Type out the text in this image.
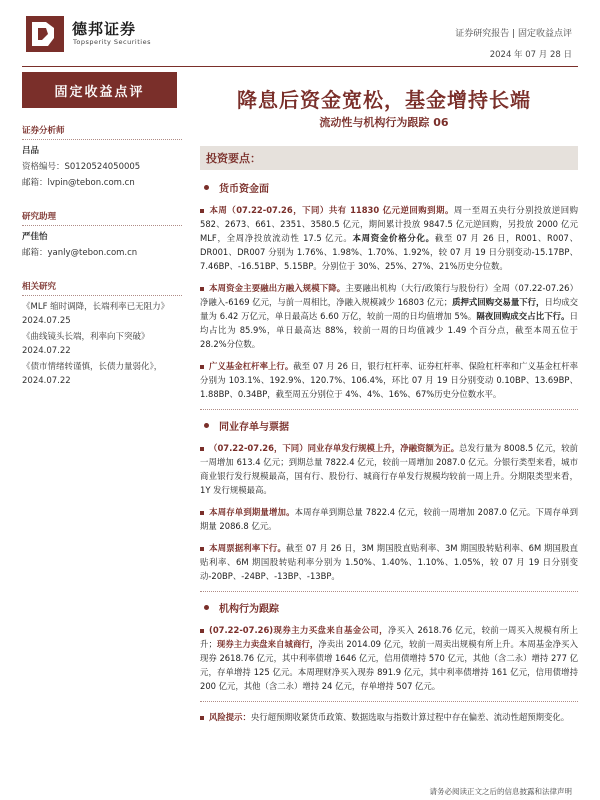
德邦证券
Topsperity Securities
证券研究报告 | 固定收益点评
2024 年 07 月 28 日
固定收益点评	降息后资金宽松，基金增持长端
流动性与机构行为跟踪 06
证券分析师

吕品

资格编号：S0120524050005

邮箱：lvpin@tebon.com.cn

研究助理

严佳怡

邮箱：yanly@tebon.com.cn

相关研究

《MLF 缩时调降，长端利率已无阻力》2024.07.25

《曲线镜头长端，利率向下突破》2024.07.22

《债市情绪转谨慎，长债力量弱化》，2024.07.22

投资要点：
货币资金面

本周（07.22-07.26，下同）共有 11830 亿元逆回购到期。周一至周五央行分别投放逆回购 582、2673、661、2351、3580.5 亿元，期间累计投放 9847.5 亿元逆回购，另投放 2000 亿元 MLF，全周净投放流动性 17.5 亿元。本周资金价格分化。截至 07 月 26 日，R001、R007、DR001、DR007 分别为 1.76%、1.98%、1.70%、1.92%，较 07 月 19 日分别变动-15.17BP、7.46BP、-16.51BP、5.15BP。分别位于 30%、25%、27%、21%历史分位数。

本周资金主要融出方融入规模下降。主要融出机构（大行/政策行与股份行）全周（07.22-07.26）净融入-6169 亿元，与前一周相比，净融入规模减少 16803 亿元；质押式回购交易量下行，日均成交量为 6.42 万亿元，单日最高达 6.60 万亿，较前一周的日均值增加 5%。隔夜回购成交占比下行。日均占比为 85.9%，单日最高达 88%，较前一周的日均值减少 1.49 个百分点，截至本周五位于 28.2%分位数。

广义基金杠杆率上行。截至 07 月 26 日，银行杠杆率、证券杠杆率、保险杠杆率和广义基金杠杆率分别为 103.1%、192.9%、120.7%、106.4%，环比 07 月 19 日分别变动 0.10BP、13.69BP、1.88BP、0.34BP，截至周五分别位于 4%、4%、16%、67%历史分位数水平。

同业存单与票据

（07.22-07.26，下同）同业存单发行规模上升，净融资额为正。总发行量为 8008.5 亿元，较前一周增加 613.4 亿元；到期总量 7822.4 亿元，较前一周增加 2087.0 亿元。分银行类型来看，城市商业银行发行规模最高，国有行、股份行、城商行存单发行规模均较前一周上升。分期限类型来看，1Y 发行规模最高。

本周存单到期量增加。本周存单到期总量 7822.4 亿元，较前一周增加 2087.0 亿元。下周存单到期量 2086.8 亿元。

本周票据利率下行。截至 07 月 26 日，3M 期国股直贴利率、3M 期国股转贴利率、6M 期国股直贴利率、6M 期国股转贴利率分别为 1.50%、1.40%、1.10%、1.05%，较 07 月 19 日分别变动-20BP、-24BP、-13BP、-13BP。

机构行为跟踪

(07.22-07.26)现券主力买盘来自基金公司，净买入 2618.76 亿元，较前一周买入规模有所上升；现券主力卖盘来自城商行，净卖出 2014.09 亿元，较前一周卖出规模有所上升。本周基金净买入现券 2618.76 亿元，其中利率债增 1646 亿元，信用债增持 570 亿元，其他（含二永）增持 277 亿元，存单增持 125 亿元。本周理财净买入现券 891.9 亿元，其中利率债增持 161 亿元，信用债增持 200 亿元，其他（含二永）增持 24 亿元，存单增持 507 亿元。

风险提示：央行超预期收紧货币政策、数据选取与指数计算过程中存在偏差、流动性超预期变化。

请务必阅读正文之后的信息披露和法律声明
